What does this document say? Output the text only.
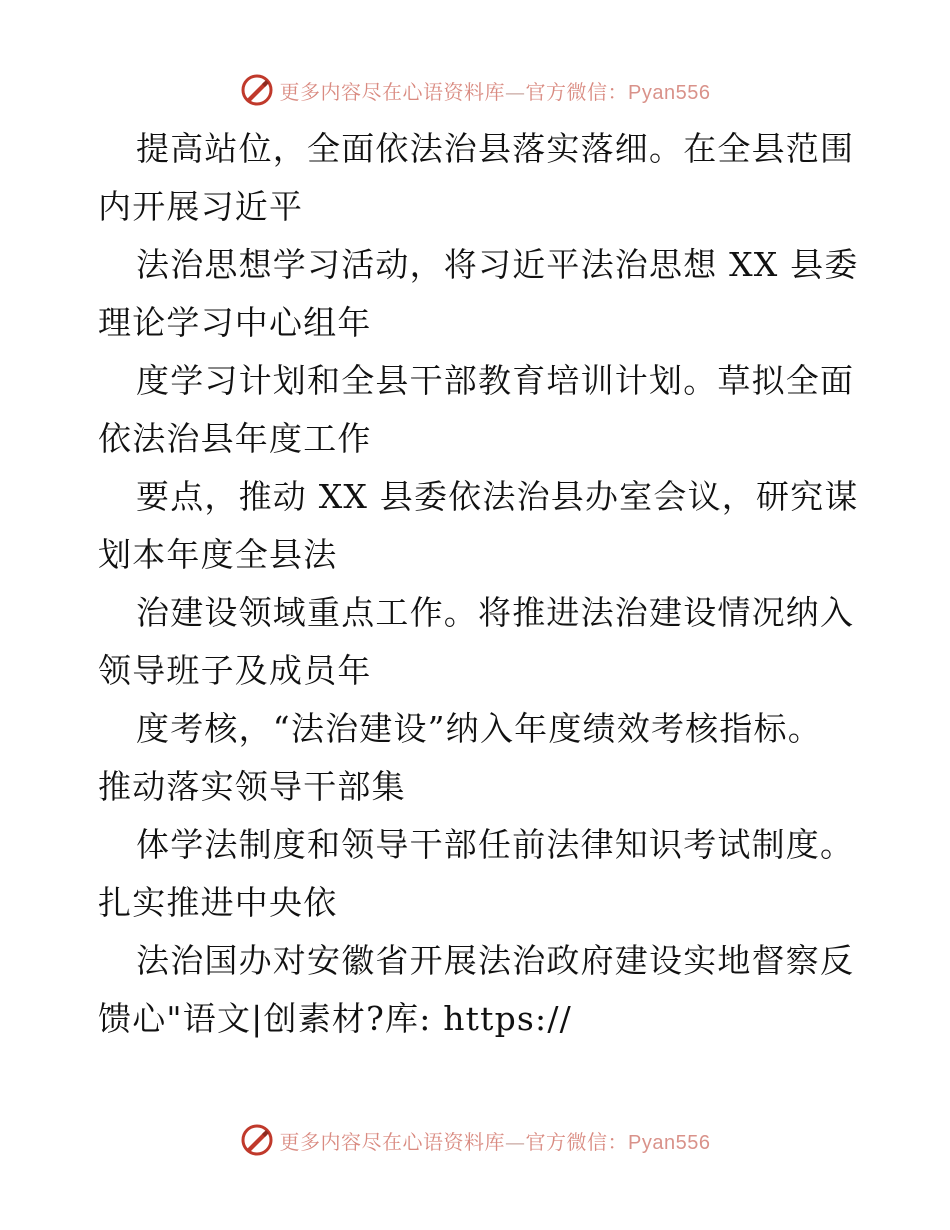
更多内容尽在心语资料库—官方微信：Pyan556
提高站位，全面依法治县落实落细。在全县范围
内开展习近平
法治思想学习活动，将习近平法治思想 XX 县委
理论学习中心组年
度学习计划和全县干部教育培训计划。草拟全面
依法治县年度工作
要点，推动 XX 县委依法治县办室会议，研究谋
划本年度全县法
治建设领域重点工作。将推进法治建设情况纳入
领导班子及成员年
度考核，“法治建设”纳入年度绩效考核指标。
推动落实领导干部集
体学法制度和领导干部任前法律知识考试制度。
扎实推进中央依
法治国办对安徽省开展法治政府建设实地督察反
馈心"语文|创素材?库: https://
更多内容尽在心语资料库—官方微信：Pyan556
